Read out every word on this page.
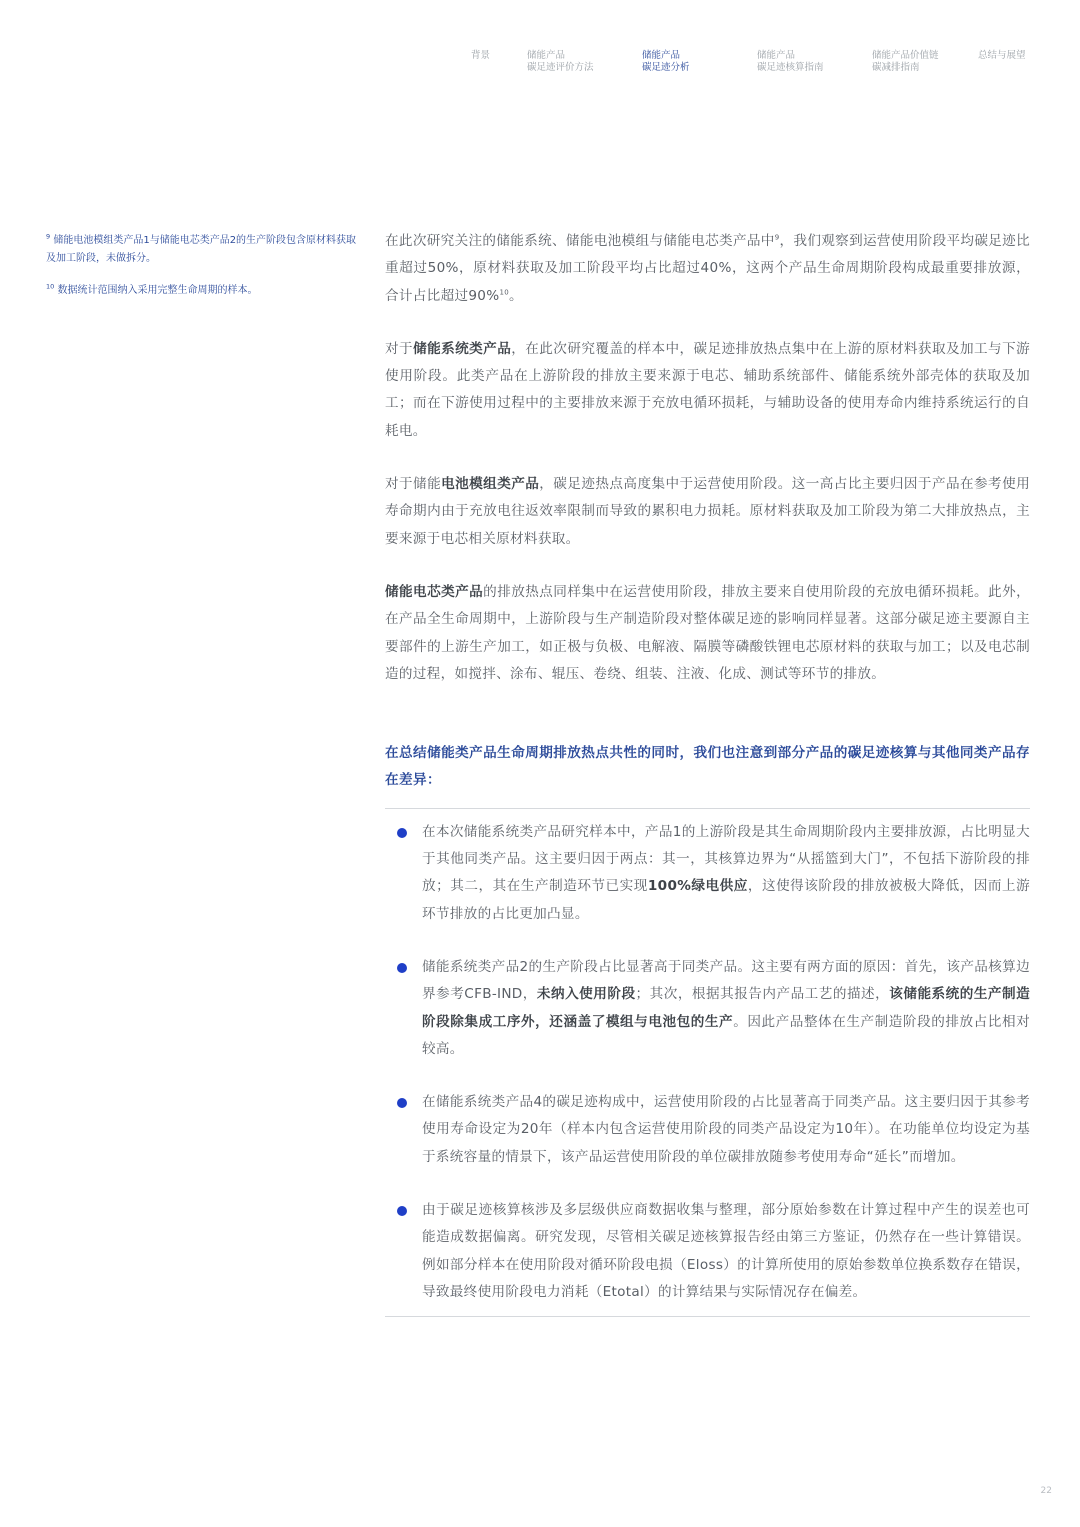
背景	储能产品
碳足迹评价方法
储能产品
碳足迹分析
储能产品
碳足迹核算指南
储能产品价值链
碳减排指南
总结与展望

$^9$ 储能电池模组类产品1与储能电芯类产品2的生产阶段包含原材料获取及加工阶段，未做拆分。

$^{10}$ 数据统计范围纳入采用完整生命周期的样本。

在此次研究关注的储能系统、储能电池模组与储能电芯类产品中$^9$，我们观察到运营使用阶段平均碳足迹比重超过50%，原材料获取及加工阶段平均占比超过40%，这两个产品生命周期阶段构成最重要排放源，合计占比超过90%$^{10}$。

对于储能系统类产品，在此次研究覆盖的样本中，碳足迹排放热点集中在上游的原材料获取及加工与下游使用阶段。此类产品在上游阶段的排放主要来源于电芯、辅助系统部件、储能系统外部壳体的获取及加工；而在下游使用过程中的主要排放来源于充放电循环损耗，与辅助设备的使用寿命内维持系统运行的自耗电。

对于储能电池模组类产品，碳足迹热点高度集中于运营使用阶段。这一高占比主要归因于产品在参考使用寿命期内由于充放电往返效率限制而导致的累积电力损耗。原材料获取及加工阶段为第二大排放热点，主要来源于电芯相关原材料获取。

储能电芯类产品的排放热点同样集中在运营使用阶段，排放主要来自使用阶段的充放电循环损耗。此外，在产品全生命周期中，上游阶段与生产制造阶段对整体碳足迹的影响同样显著。这部分碳足迹主要源自主要部件的上游生产加工，如正极与负极、电解液、隔膜等磷酸铁锂电芯原材料的获取与加工；以及电芯制造的过程，如搅拌、涂布、辊压、卷绕、组装、注液、化成、测试等环节的排放。

在总结储能类产品生命周期排放热点共性的同时，我们也注意到部分产品的碳足迹核算与其他同类产品存在差异：

在本次储能系统类产品研究样本中，产品1的上游阶段是其生命周期阶段内主要排放源，占比明显大于其他同类产品。这主要归因于两点：其一，其核算边界为“从摇篮到大门”，不包括下游阶段的排放；其二，其在生产制造环节已实现100%绿电供应，这使得该阶段的排放被极大降低，因而上游环节排放的占比更加凸显。
储能系统类产品2的生产阶段占比显著高于同类产品。这主要有两方面的原因：首先，该产品核算边界参考CFB-IND，未纳入使用阶段；其次，根据其报告内产品工艺的描述，该储能系统的生产制造阶段除集成工序外，还涵盖了模组与电池包的生产。因此产品整体在生产制造阶段的排放占比相对较高。
在储能系统类产品4的碳足迹构成中，运营使用阶段的占比显著高于同类产品。这主要归因于其参考使用寿命设定为20年（样本内包含运营使用阶段的同类产品设定为10年）。在功能单位均设定为基于系统容量的情景下，该产品运营使用阶段的单位碳排放随参考使用寿命“延长”而增加。
由于碳足迹核算核涉及多层级供应商数据收集与整理，部分原始参数在计算过程中产生的误差也可能造成数据偏离。研究发现，尽管相关碳足迹核算报告经由第三方鉴证，仍然存在一些计算错误。例如部分样本在使用阶段对循环阶段电损（Eloss）的计算所使用的原始参数单位换系数存在错误，导致最终使用阶段电力消耗（Etotal）的计算结果与实际情况存在偏差。
22
